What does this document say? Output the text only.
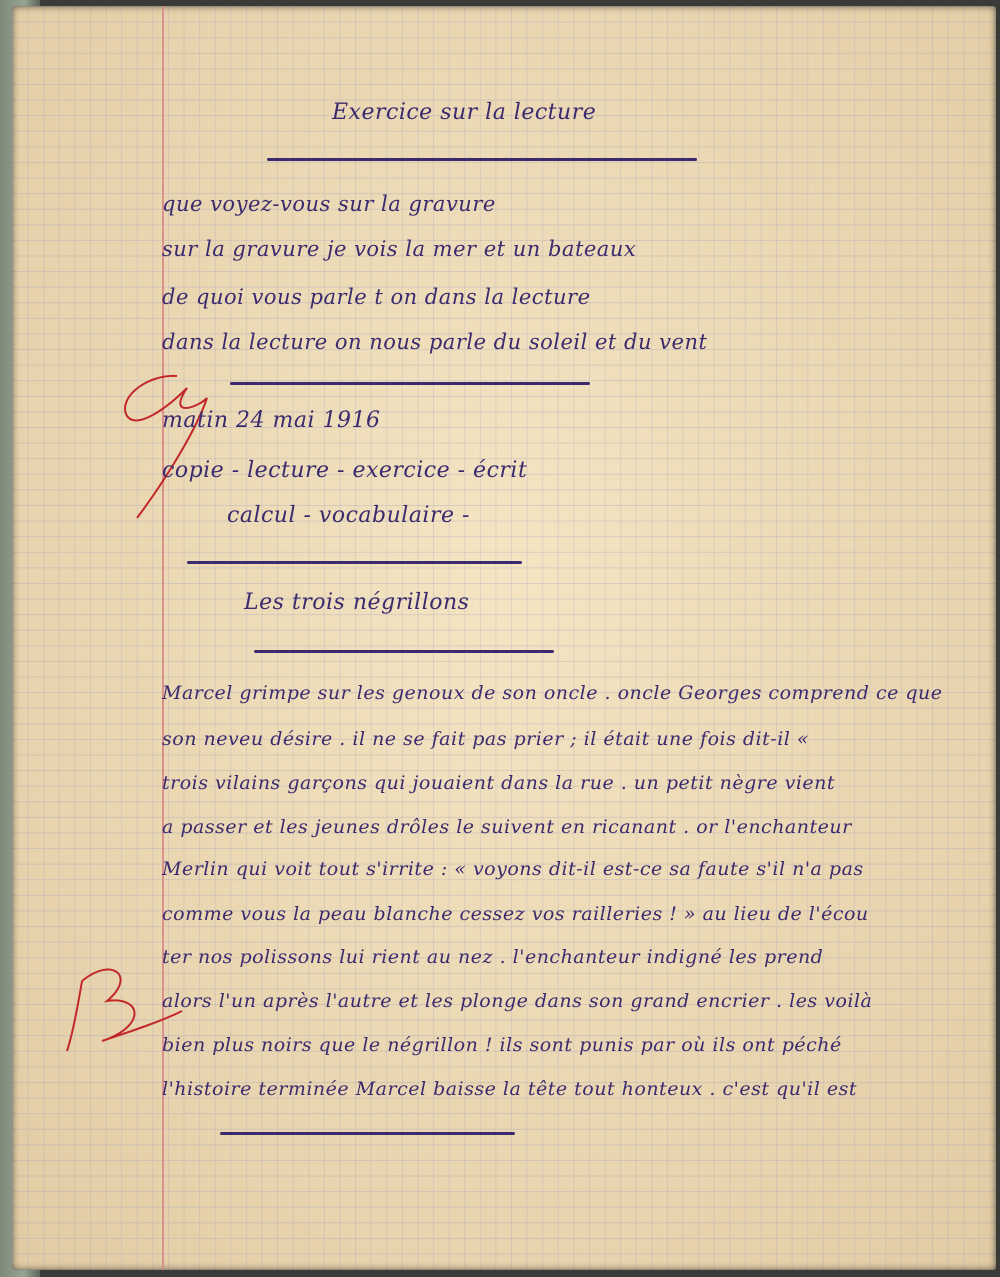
Exercice sur la lecture

que voyez-vous sur la gravure

sur la gravure je vois la mer et un bateaux

de quoi vous parle t on dans la lecture

dans la lecture on nous parle du soleil et du vent

matin 24 mai 1916

copie - lecture - exercice - écrit

calcul - vocabulaire -

Les trois négrillons

Marcel grimpe sur les genoux de son oncle . oncle Georges comprend ce que

son neveu désire . il ne se fait pas prier ; il était une fois dit-il «

trois vilains garçons qui jouaient dans la rue . un petit nègre vient

a passer et les jeunes drôles le suivent en ricanant . or l'enchanteur

Merlin qui voit tout s'irrite : « voyons dit-il est-ce sa faute s'il n'a pas

comme vous la peau blanche cessez vos railleries ! » au lieu de l'écou

ter nos polissons lui rient au nez . l'enchanteur indigné les prend

alors l'un après l'autre et les plonge dans son grand encrier . les voilà

bien plus noirs que le négrillon ! ils sont punis par où ils ont péché

l'histoire terminée Marcel baisse la tête tout honteux . c'est qu'il est
